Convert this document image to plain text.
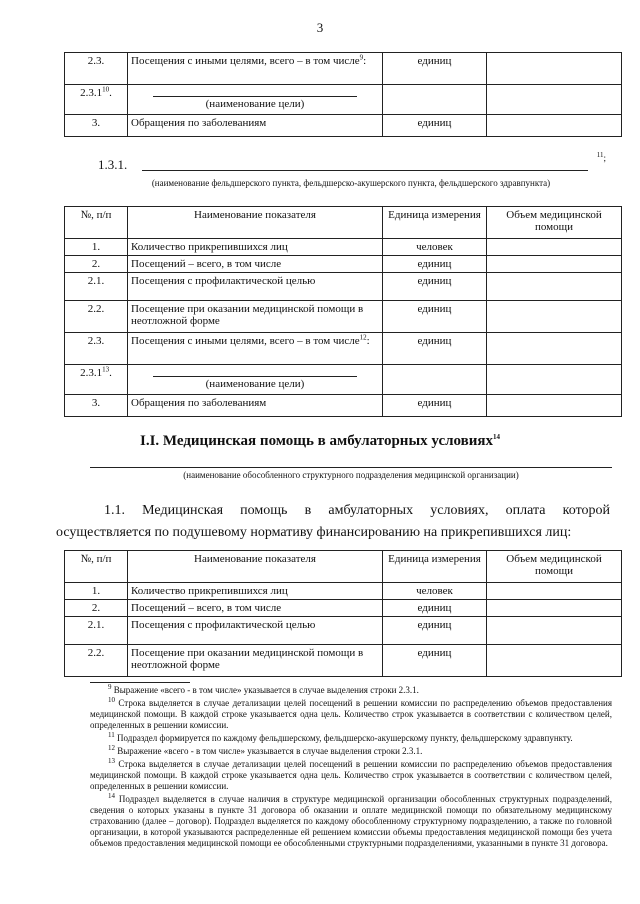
3
2.3.	Посещения с иными целями, всего – в том числе$^9$:	единиц	
2.3.1$^{10}$.	(наименование цели)		
3.	Обращения по заболеваниям	единиц	
1.3.1.
$^{11}$;
(наименование фельдшерского пункта, фельдшерско-акушерского пункта, фельдшерского здравпункта)
№, п/п	Наименование показателя	Единица измерения	Объем медицинской помощи
1.	Количество прикрепившихся лиц	человек	
2.	Посещений – всего, в том числе	единиц	
2.1.	Посещения с профилактической целью	единиц	
2.2.	Посещение при оказании медицинской помощи в неотложной форме	единиц	
2.3.	Посещения с иными целями, всего – в том числе$^{12}$:	единиц	
2.3.1$^{13}$.	(наименование цели)		
3.	Обращения по заболеваниям	единиц	
I.I. Медицинская помощь в амбулаторных условиях$^{14}$
(наименование обособленного структурного подразделения медицинской организации)
1.1. Медицинская помощь в амбулаторных условиях, оплата которой
осуществляется по подушевому нормативу финансированию на прикрепившихся лиц:
№, п/п	Наименование показателя	Единица измерения	Объем медицинской помощи
1.	Количество прикрепившихся лиц	человек	
2.	Посещений – всего, в том числе	единиц	
2.1.	Посещения с профилактической целью	единиц	
2.2.	Посещение при оказании медицинской помощи в неотложной форме	единиц	

$^9$ Выражение «всего - в том числе» указывается в случае выделения строки 2.3.1.

$^{10}$ Строка выделяется в случае детализации целей посещений в решении комиссии по распределению объемов предоставления медицинской помощи. В каждой строке указывается одна цель. Количество строк указывается в соответствии с количеством целей, определенных в решении комиссии.

$^{11}$ Подраздел формируется по каждому фельдшерскому, фельдшерско-акушерскому пункту, фельдшерскому здравпункту.

$^{12}$ Выражение «всего - в том числе» указывается в случае выделения строки 2.3.1.

$^{13}$ Строка выделяется в случае детализации целей посещений в решении комиссии по распределению объемов предоставления медицинской помощи. В каждой строке указывается одна цель. Количество строк указывается в соответствии с количеством целей, определенных в решении комиссии.

$^{14}$ Подраздел выделяется в случае наличия в структуре медицинской организации обособленных структурных подразделений, сведения о которых указаны в пункте 31 договора об оказании и оплате медицинской помощи по обязательному медицинскому страхованию (далее – договор). Подраздел выделяется по каждому обособленному структурному подразделению, а также по головной организации, в которой указываются распределенные ей решением комиссии объемы предоставления медицинской помощи без учета объемов предоставления медицинской помощи ее обособленными структурными подразделениями, указанными в пункте 31 договора.
